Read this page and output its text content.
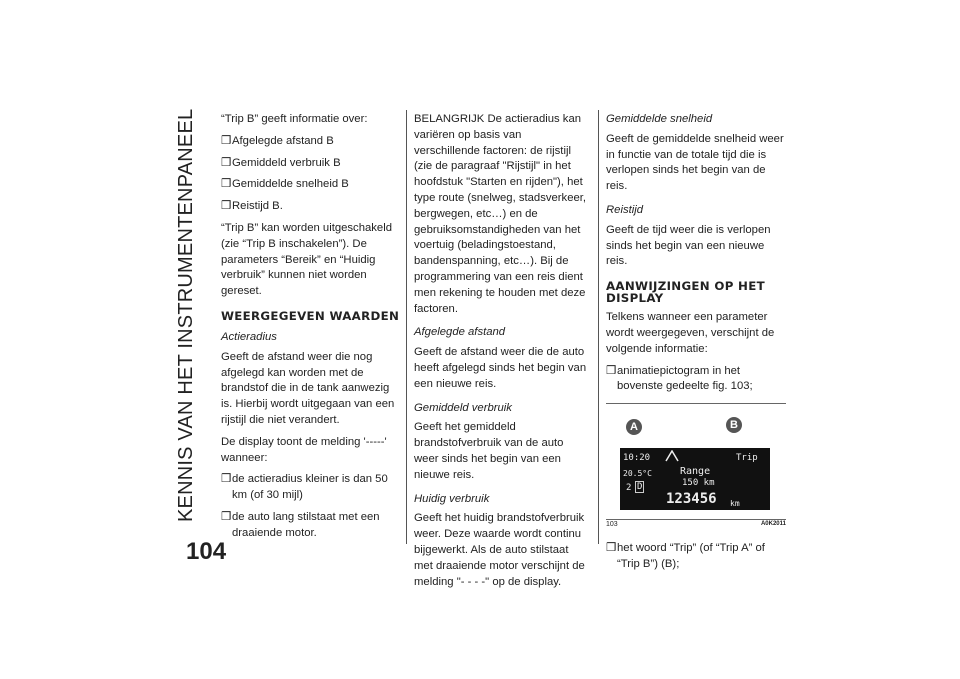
KENNIS VAN HET INSTRUMENTENPANEEL
104

“Trip B” geeft informatie over:

❒Afgelegde afstand B

❒Gemiddeld verbruik B

❒Gemiddelde snelheid B

❒Reistijd B.

“Trip B” kan worden uitgeschakeld (zie “Trip B inschakelen”). De parameters “Bereik” en “Huidig verbruik” kunnen niet worden gereset.

WEERGEGEVEN WAARDEN

Actieradius

Geeft de afstand weer die nog afgelegd kan worden met de brandstof die in de tank aanwezig is. Hierbij wordt uitgegaan van een rijstijl die niet verandert.

De display toont de melding '-----' wanneer:

❒de actieradius kleiner is dan 50 km (of 30 mijl)

❒de auto lang stilstaat met een draaiende motor.

BELANGRIJK De actieradius kan variëren op basis van verschillende factoren: de rijstijl (zie de paragraaf "Rijstijl" in het hoofdstuk "Starten en rijden"), het type route (snelweg, stadsverkeer, bergwegen, etc…) en de gebruiksomstandigheden van het voertuig (beladingstoestand, bandenspanning, etc…). Bij de programmering van een reis dient men rekening te houden met deze factoren.

Afgelegde afstand

Geeft de afstand weer die de auto heeft afgelegd sinds het begin van een nieuwe reis.

Gemiddeld verbruik

Geeft het gemiddeld brandstofverbruik van de auto weer sinds het begin van een nieuwe reis.

Huidig verbruik

Geeft het huidig brandstofverbruik weer. Deze waarde wordt continu bijgewerkt. Als de auto stilstaat met draaiende motor verschijnt de melding "- - - -" op de display.

Gemiddelde snelheid

Geeft de gemiddelde snelheid weer in functie van de totale tijd die is verlopen sinds het begin van de reis.

Reistijd

Geeft de tijd weer die is verlopen sinds het begin van een nieuwe reis.

AANWIJZINGEN OP HET DISPLAY

Telkens wanneer een parameter wordt weergegeven, verschijnt de volgende informatie:

❒animatiepictogram in het bovenste gedeelte fig. 103;

A	B
10:20
20.5°C
2 D
Trip
Range
150 km
123456 km
103	A0K2011

❒het woord “Trip” (of “Trip A” of “Trip B”) (B);
